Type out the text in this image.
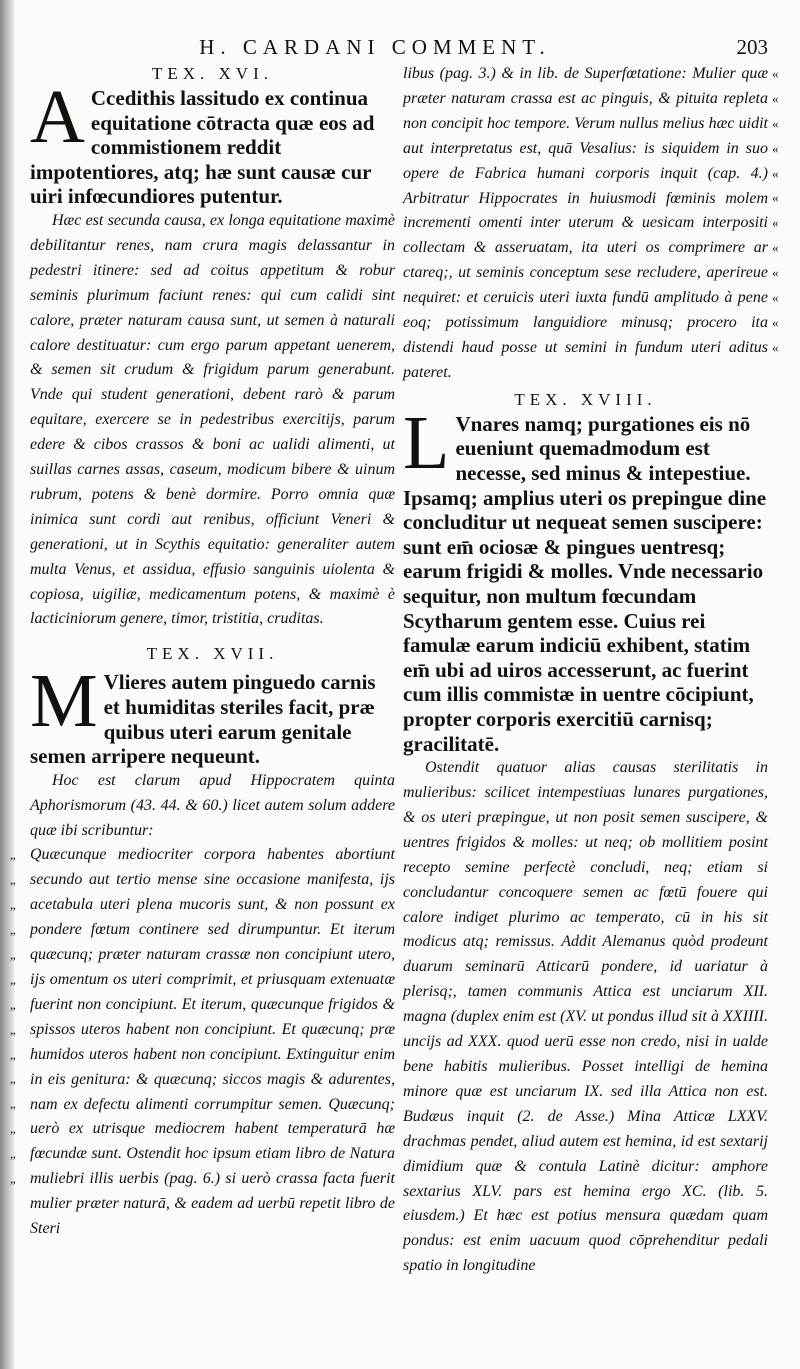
H. CARDANI COMMENT.	203
TEX. XVI.

A Ccedithis lassitudo ex continua equitatione cōtracta quæ eos ad commistionem reddit impotentiores, atq; hæ sunt causæ cur uiri infœcundiores putentur.

Hæc est secunda causa, ex longa equitatione maximè debilitantur renes, nam crura magis delassantur in pedestri itinere: sed ad coitus appetitum & robur seminis plurimum faciunt renes: qui cum calidi sint calore, præter naturam causa sunt, ut semen à naturali calore destituatur: cum ergo parum appetant uenerem, & semen sit crudum & frigidum parum generabunt. Vnde qui student generationi, debent rarò & parum equitare, exercere se in pedestribus exercitijs, parum edere & cibos crassos & boni ac ualidi alimenti, ut suillas carnes assas, caseum, modicum bibere & uinum rubrum, potens & benè dormire. Porro omnia quæ inimica sunt cordi aut renibus, officiunt Veneri & generationi, ut in Scythis equitatio: generaliter autem multa Venus, et assidua, effusio sanguinis uiolenta & copiosa, uigiliæ, medicamentum potens, & maximè è lacticiniorum genere, timor, tristitia, cruditas.

TEX. XVII.

M Vlieres autem pinguedo carnis et humiditas steriles facit, præ quibus uteri earum genitale semen arripere nequeunt.

Hoc est clarum apud Hippocratem quinta Aphorismorum (43. 44. & 60.) licet autem solum addere quæ ibi scribuntur:

„
„
„
„
„
„
„
„
„
„
„
„
„
„

Quæcunque mediocriter corpora habentes abortiunt secundo aut tertio mense sine occasione manifesta, ijs acetabula uteri plena mucoris sunt, & non possunt ex pondere fœtum continere sed dirumpuntur. Et iterum quæcunq; præter naturam crassæ non concipiunt utero, ijs omentum os uteri comprimit, et priusquam extenuatæ fuerint non concipiunt. Et iterum, quæcunque frigidos & spissos uteros habent non concipiunt. Et quæcunq; præ humidos uteros habent non concipiunt. Extinguitur enim in eis genitura: & quæcunq; siccos magis & adurentes, nam ex defectu alimenti corrumpitur semen. Quæcunq; uerò ex utrisque mediocrem habent temperaturā hæ fœcundæ sunt. Ostendit hoc ipsum etiam libro de Natura muliebri illis uerbis (pag. 6.) si uerò crassa facta fuerit mulier præter naturā, & eadem ad uerbū repetit libro de Steri

«
«
«
«
«
«
«
«
«
«
«
«

libus (pag. 3.) & in lib. de Superfœtatione: Mulier quæ præter naturam crassa est ac pinguis, & pituita repleta non concipit hoc tempore. Verum nullus melius hæc uidit aut interpretatus est, quā Vesalius: is siquidem in suo opere de Fabrica humani corporis inquit (cap. 4.) Arbitratur Hippocrates in huiusmodi fœminis molem incrementi omenti inter uterum & uesicam interpositi collectam & asseruatam, ita uteri os comprimere ar ctareq;, ut seminis conceptum sese recludere, aperireue nequiret: et ceruicis uteri iuxta fundū amplitudo à pene eoq; potissimum languidiore minusq; procero ita distendi haud posse ut semini in fundum uteri aditus pateret.

TEX. XVIII.

L Vnares namq; purgationes eis nō eueniunt quemadmodum est necesse, sed minus & intepestiue. Ipsamq; amplius uteri os prepingue dine concluditur ut nequeat semen suscipere: sunt em̄ ociosæ & pingues uentresq; earum frigidi & molles. Vnde necessario sequitur, non multum fœcundam Scytharum gentem esse. Cuius rei famulæ earum indiciū exhibent, statim em̄ ubi ad uiros accesserunt, ac fuerint cum illis commistæ in uentre cōcipiunt, propter corporis exercitiū carnisq; gracilitatē.

Ostendit quatuor alias causas sterilitatis in mulieribus: scilicet intempestiuas lunares purgationes, & os uteri præpingue, ut non posit semen suscipere, & uentres frigidos & molles: ut neq; ob mollitiem posint recepto semine perfectè concludi, neq; etiam si concludantur concoquere semen ac fœtū fouere qui calore indiget plurimo ac temperato, cū in his sit modicus atq; remissus. Addit Alemanus quòd prodeunt duarum seminarū Atticarū pondere, id uariatur à plerisq;, tamen communis Attica est unciarum XII. magna (duplex enim est (XV. ut pondus illud sit à XXIIII. uncijs ad XXX. quod uerū esse non credo, nisi in ualde bene habitis mulieribus. Posset intelligi de hemina minore quæ est unciarum IX. sed illa Attica non est. Budæus inquit (2. de Asse.) Mina Atticæ LXXV. drachmas pendet, aliud autem est hemina, id est sextarij dimidium quæ & contula Latinè dicitur: amphore sextarius XLV. pars est hemina ergo XC. (lib. 5. eiusdem.) Et hæc est potius mensura quædam quam pondus: est enim uacuum quod cōprehenditur pedali spatio in longitudine
